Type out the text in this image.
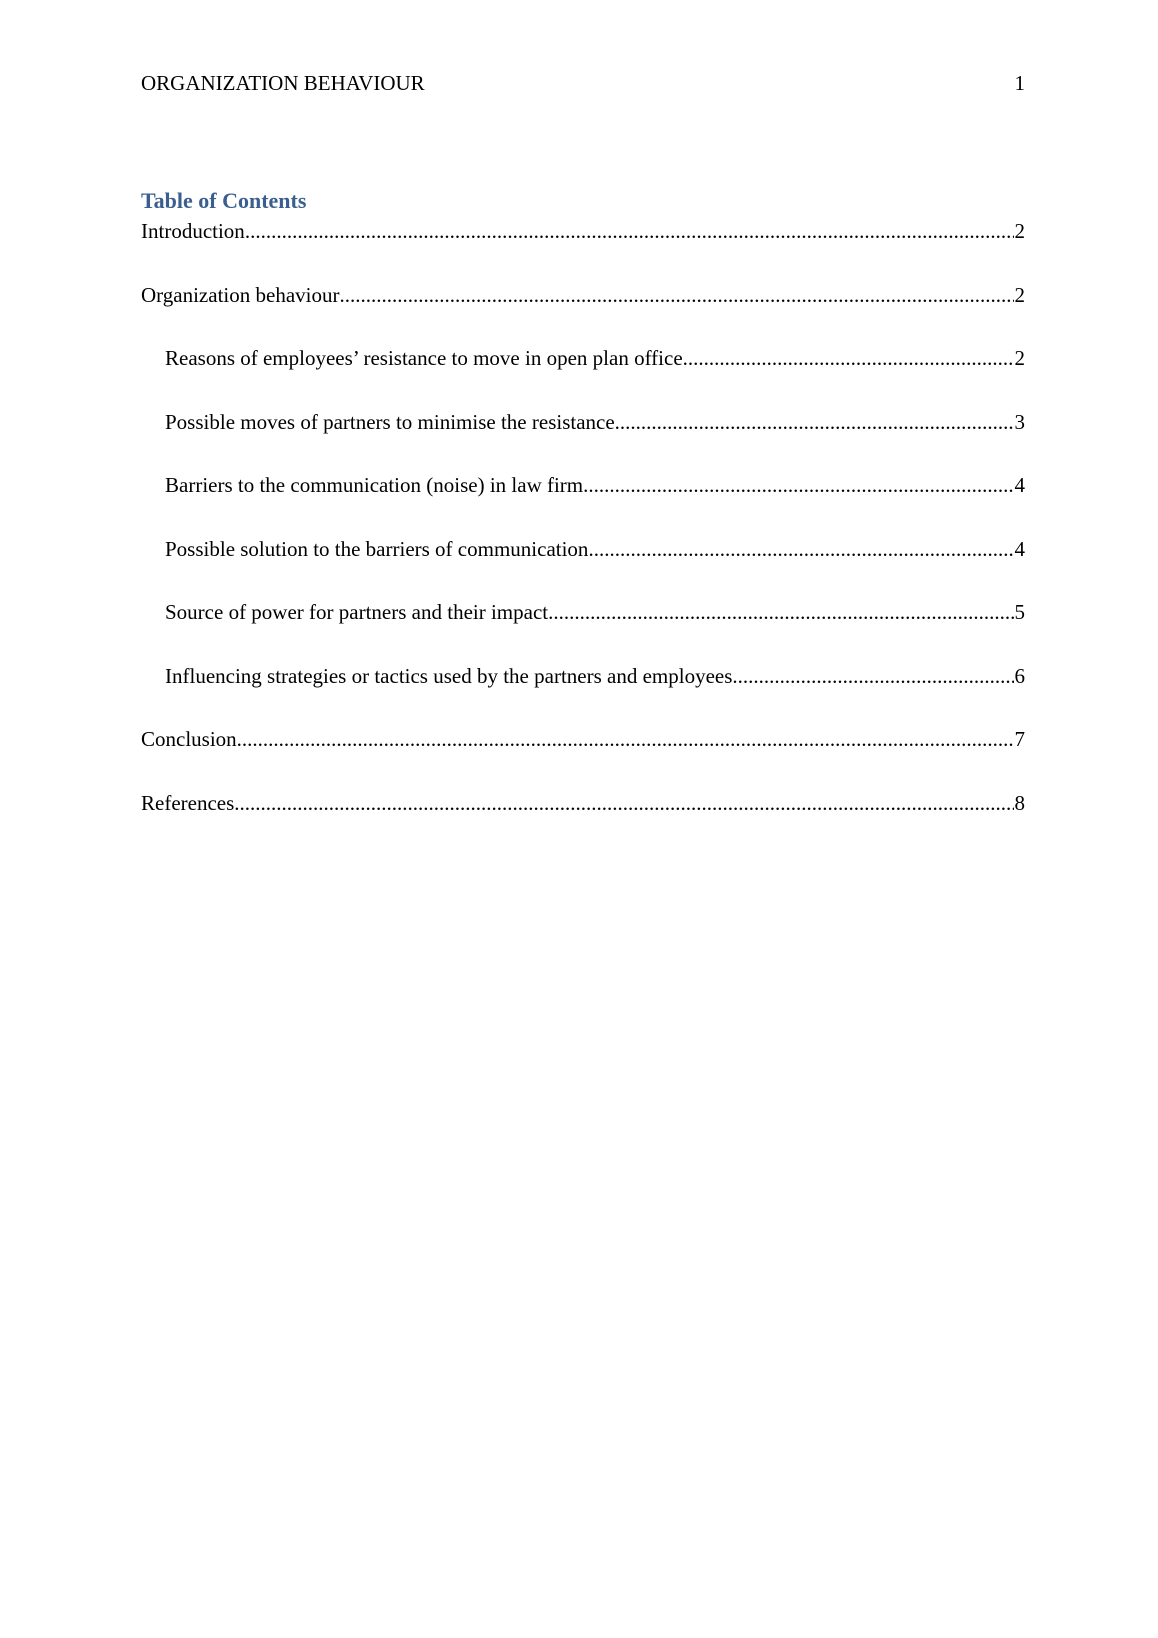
ORGANIZATION BEHAVIOUR	1
Table of Contents
Introduction .....	2
Organization behaviour .....	2
Reasons of employees’ resistance to move in open plan office .....	2
Possible moves of partners to minimise the resistance .....	3
Barriers to the communication (noise) in law firm .....	4
Possible solution to the barriers of communication .....	4
Source of power for partners and their impact .....	5
Influencing strategies or tactics used by the partners and employees .....	6
Conclusion .....	7
References .....	8
